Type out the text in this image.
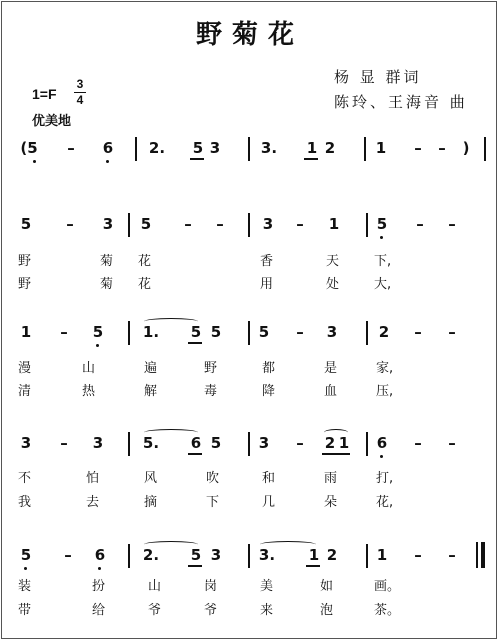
野菊花
杨 显 群词
陈玲、王海音 曲
1=F
3
4
优美地
(5 – 6 2. 5 3	3. 1 2	1 – –	)
5 – 3 5 – –	3 – 1	5 – –
野	菊 花	香	天	下,
野	菊 花	用	处	大,
1 – 5	1. 5 5	5 – 3	2 – –
漫	山	遍	野	都	是	家,
清	热	解	毒	降	血	压,
3 – 3	5. 6 5	3 – 2 1 6 – –
不	怕	风	吹	和	雨	打,
我	去	摘	下	几	朵	花,
5 – 6	2. 5 3	3. 1 2	1 – –
装	扮	山	岗	美	如	画。
带	给	爷	爷	来	泡	茶。
